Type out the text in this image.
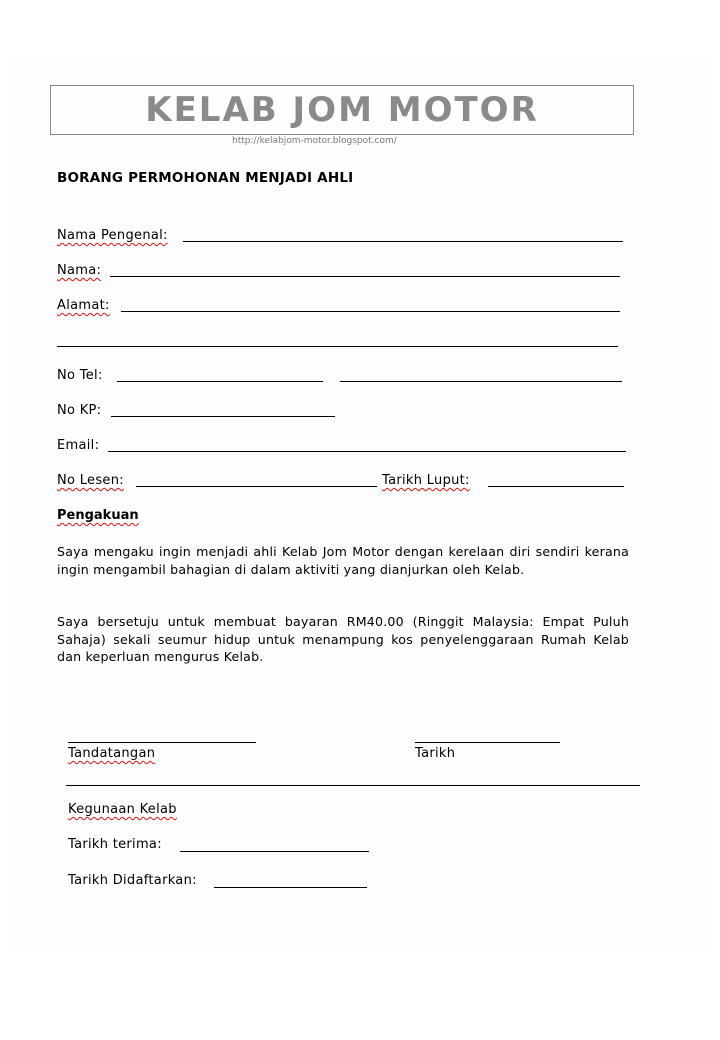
KELAB JOM MOTOR
http://kelabjom-motor.blogspot.com/
BORANG PERMOHONAN MENJADI AHLI
Nama Pengenal:
Nama:
Alamat:
No Tel:
No KP:
Email:
No Lesen:	Tarikh Luput:
Pengakuan
Saya mengaku ingin menjadi ahli Kelab Jom Motor dengan kerelaan diri sendiri kerana ingin mengambil bahagian di dalam aktiviti yang dianjurkan oleh Kelab.
Saya bersetuju untuk membuat bayaran RM40.00 (Ringgit Malaysia: Empat Puluh Sahaja) sekali seumur hidup untuk menampung kos penyelenggaraan Rumah Kelab dan keperluan mengurus Kelab.
Tandatangan	Tarikh
Kegunaan Kelab
Tarikh terima:
Tarikh Didaftarkan:
